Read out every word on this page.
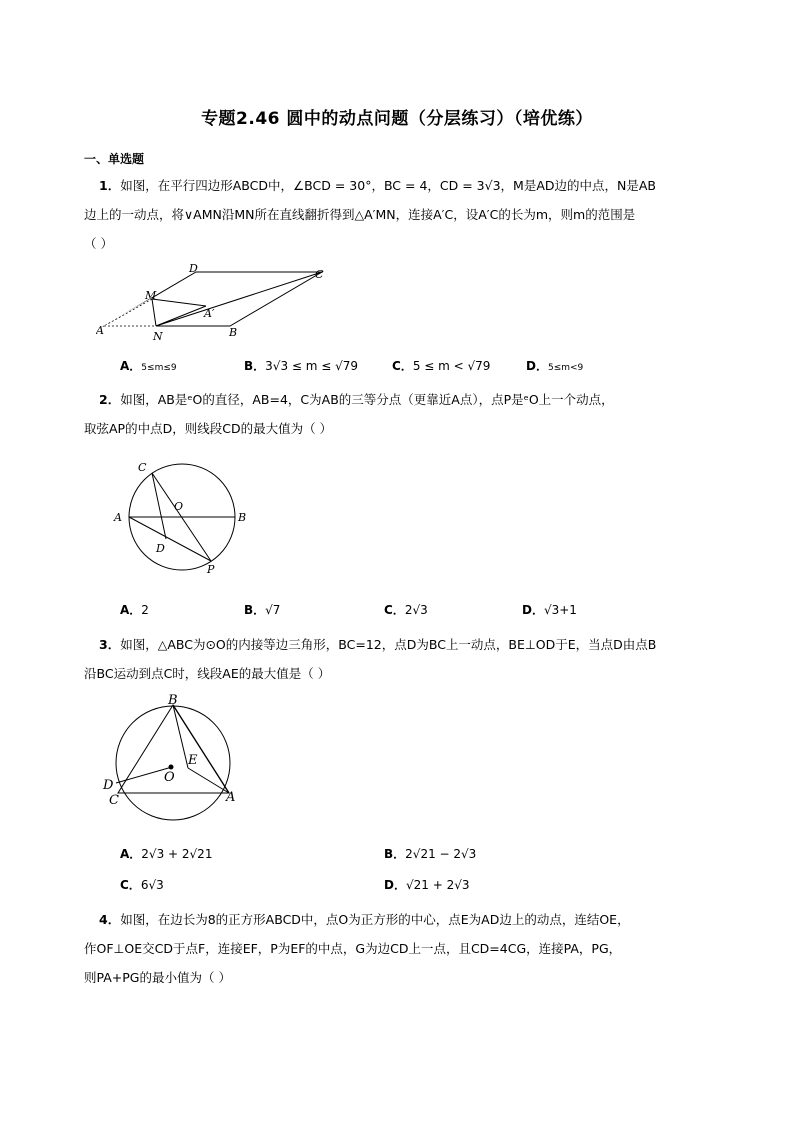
专题2.46 圆中的动点问题（分层练习）（培优练）
一、单选题
1．如图，在平行四边形ABCD中，∠BCD = 30°，BC = 4，CD = 3√3，M是AD边的中点，N是AB
边上的一动点，将∨AMN沿MN所在直线翻折得到△A′MN，连接A′C，设A′C的长为m，则m的范围是
（ ）
D	C
M
A′
A	N	B
A．5≤m≤9	B．3√3 ≤ m ≤ √79	C．5 ≤ m < √79	D．5≤m<9
2．如图，AB是ᵉO的直径，AB=4，C为AB的三等分点（更靠近A点），点P是ᵉO上一个动点，
取弦AP的中点D，则线段CD的最大值为（ ）
C
O
A	B
D
P
A．2	B．√7	C．2√3	D．√3+1
3．如图，△ABC为⊙O的内接等边三角形，BC=12，点D为BC上一动点，BE⊥OD于E，当点D由点B
沿BC运动到点C时，线段AE的最大值是（ ）
B
E
O
D
C	A
A．2√3 + 2√21	B．2√21 − 2√3
C．6√3	D．√21 + 2√3
4．如图，在边长为8的正方形ABCD中，点O为正方形的中心，点E为AD边上的动点，连结OE，
作OF⊥OE交CD于点F，连接EF，P为EF的中点，G为边CD上一点，且CD=4CG，连接PA，PG，
则PA+PG的最小值为（ ）
